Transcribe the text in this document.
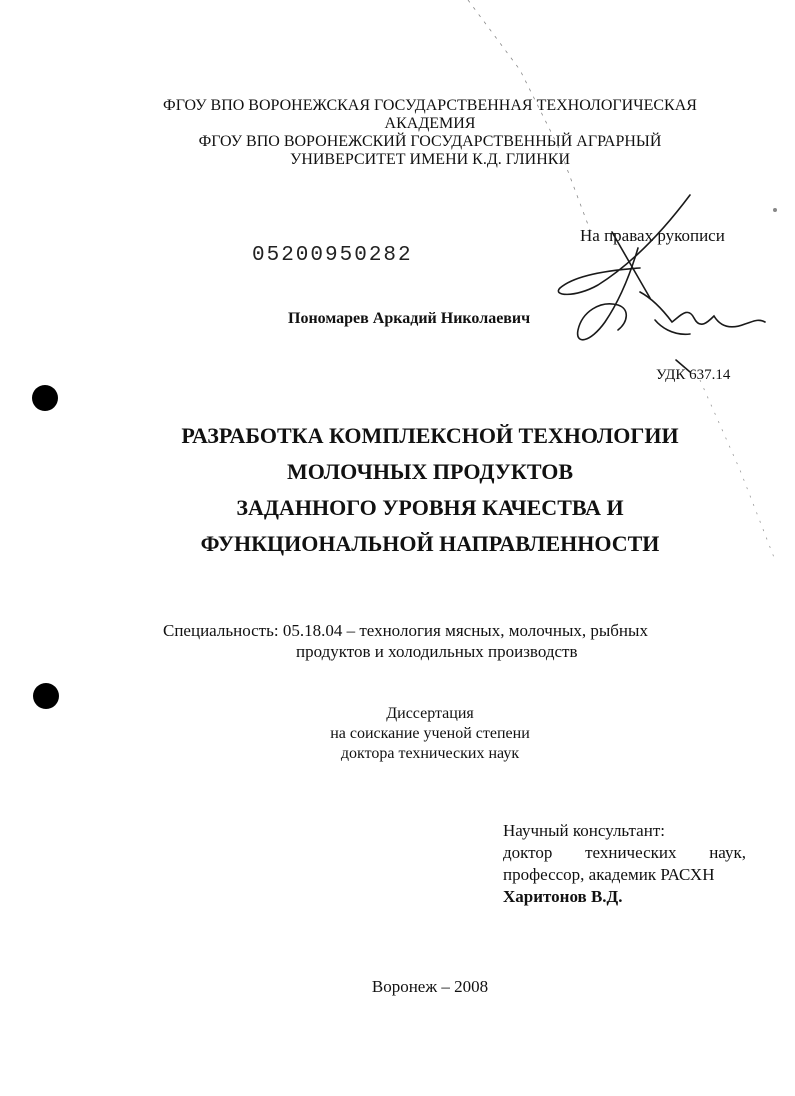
ФГОУ ВПО ВОРОНЕЖСКАЯ ГОСУДАРСТВЕННАЯ ТЕХНОЛОГИЧЕСКАЯ
АКАДЕМИЯ
ФГОУ ВПО ВОРОНЕЖСКИЙ ГОСУДАРСТВЕННЫЙ АГРАРНЫЙ
УНИВЕРСИТЕТ ИМЕНИ К.Д. ГЛИНКИ
На правах рукописи
05200950282
Пономарев Аркадий Николаевич
УДК 637.14
РАЗРАБОТКА КОМПЛЕКСНОЙ ТЕХНОЛОГИИ
МОЛОЧНЫХ ПРОДУКТОВ
ЗАДАННОГО УРОВНЯ КАЧЕСТВА И
ФУНКЦИОНАЛЬНОЙ НАПРАВЛЕННОСТИ
Специальность: 05.18.04 – технология мясных, молочных, рыбных
продуктов и холодильных производств
Диссертация
на соискание ученой степени
доктора технических наук
Научный консультант:
доктор технических наук,
профессор, академик РАСХН
Харитонов В.Д.
Воронеж – 2008
